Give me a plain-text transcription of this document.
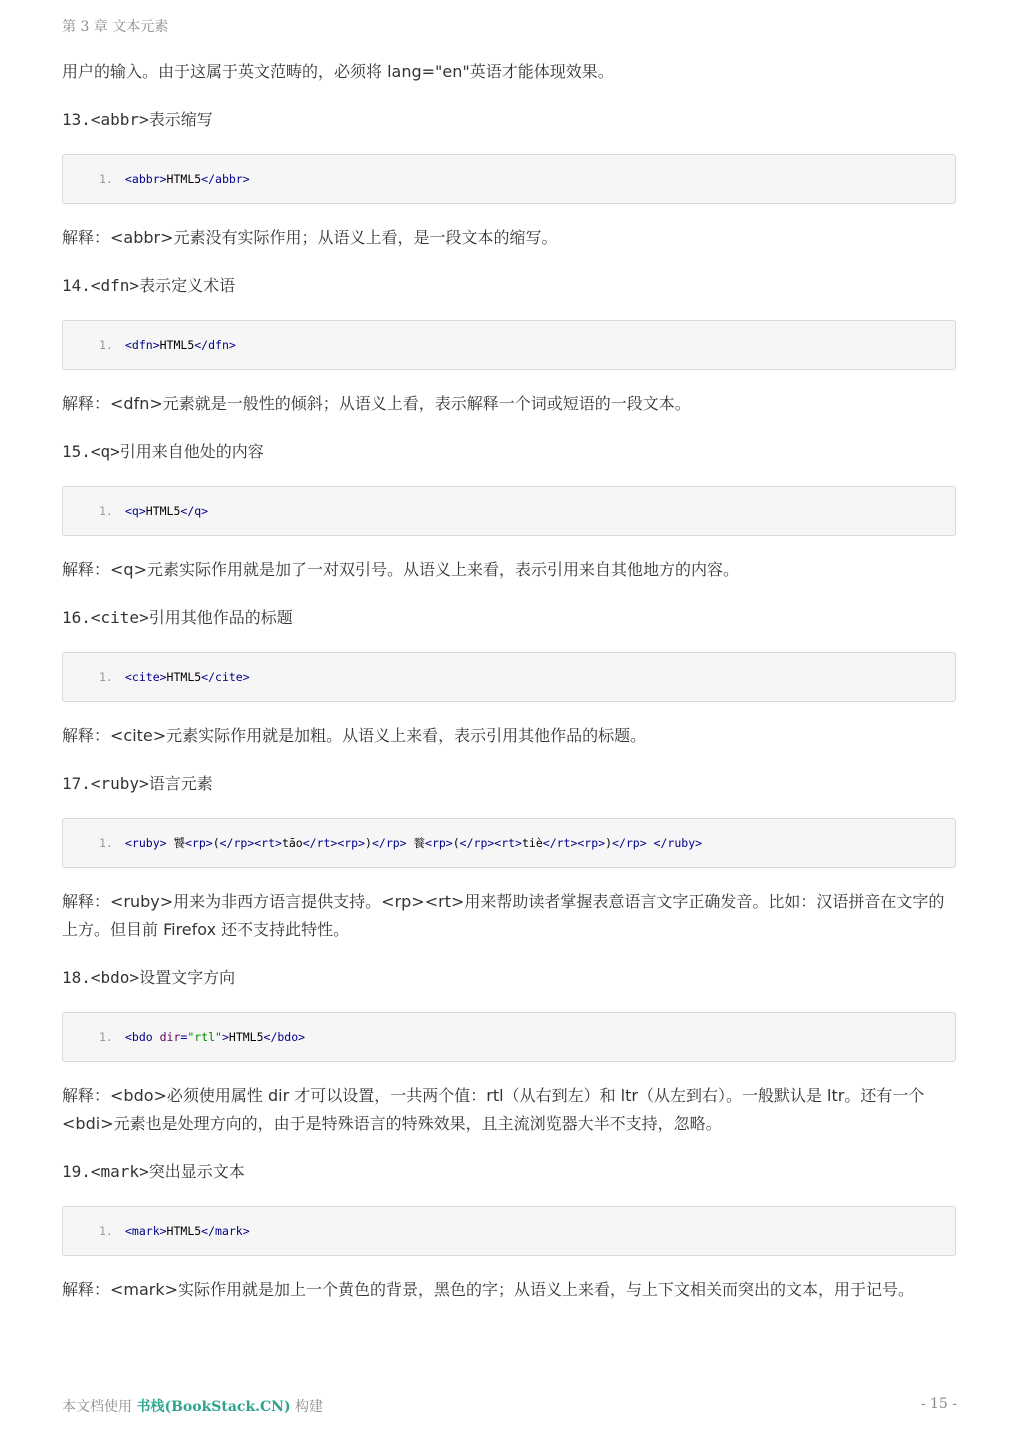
第 3 章 文本元素

用户的输入。由于这属于英文范畴的，必须将 lang="en"英语才能体现效果。

13.<abbr>表示缩写
1.	<abbr>HTML5</abbr>

解释：<abbr>元素没有实际作用；从语义上看，是一段文本的缩写。

14.<dfn>表示定义术语
1.	<dfn>HTML5</dfn>

解释：<dfn>元素就是一般性的倾斜；从语义上看，表示解释一个词或短语的一段文本。

15.<q>引用来自他处的内容
1.	<q>HTML5</q>

解释：<q>元素实际作用就是加了一对双引号。从语义上来看，表示引用来自其他地方的内容。

16.<cite>引用其他作品的标题
1.	<cite>HTML5</cite>

解释：<cite>元素实际作用就是加粗。从语义上来看，表示引用其他作品的标题。

17.<ruby>语言元素
1.	<ruby> 饕<rp>(</rp><rt>tāo</rt><rp>)</rp> 餮<rp>(</rp><rt>tiè</rt><rp>)</rp> </ruby>

解释：<ruby>用来为非西方语言提供支持。<rp><rt>用来帮助读者掌握表意语言文字正确发音。比如：汉语拼音在文字的上方。但目前 Firefox 还不支持此特性。

18.<bdo>设置文字方向
1.	<bdo dir="rtl">HTML5</bdo>

解释：<bdo>必须使用属性 dir 才可以设置，一共两个值：rtl（从右到左）和 ltr（从左到右）。一般默认是 ltr。还有一个<bdi>元素也是处理方向的，由于是特殊语言的特殊效果，且主流浏览器大半不支持，忽略。

19.<mark>突出显示文本
1.	<mark>HTML5</mark>

解释：<mark>实际作用就是加上一个黄色的背景，黑色的字；从语义上来看，与上下文相关而突出的文本，用于记号。

本文档使用 书栈(BookStack.CN) 构建	- 15 -
